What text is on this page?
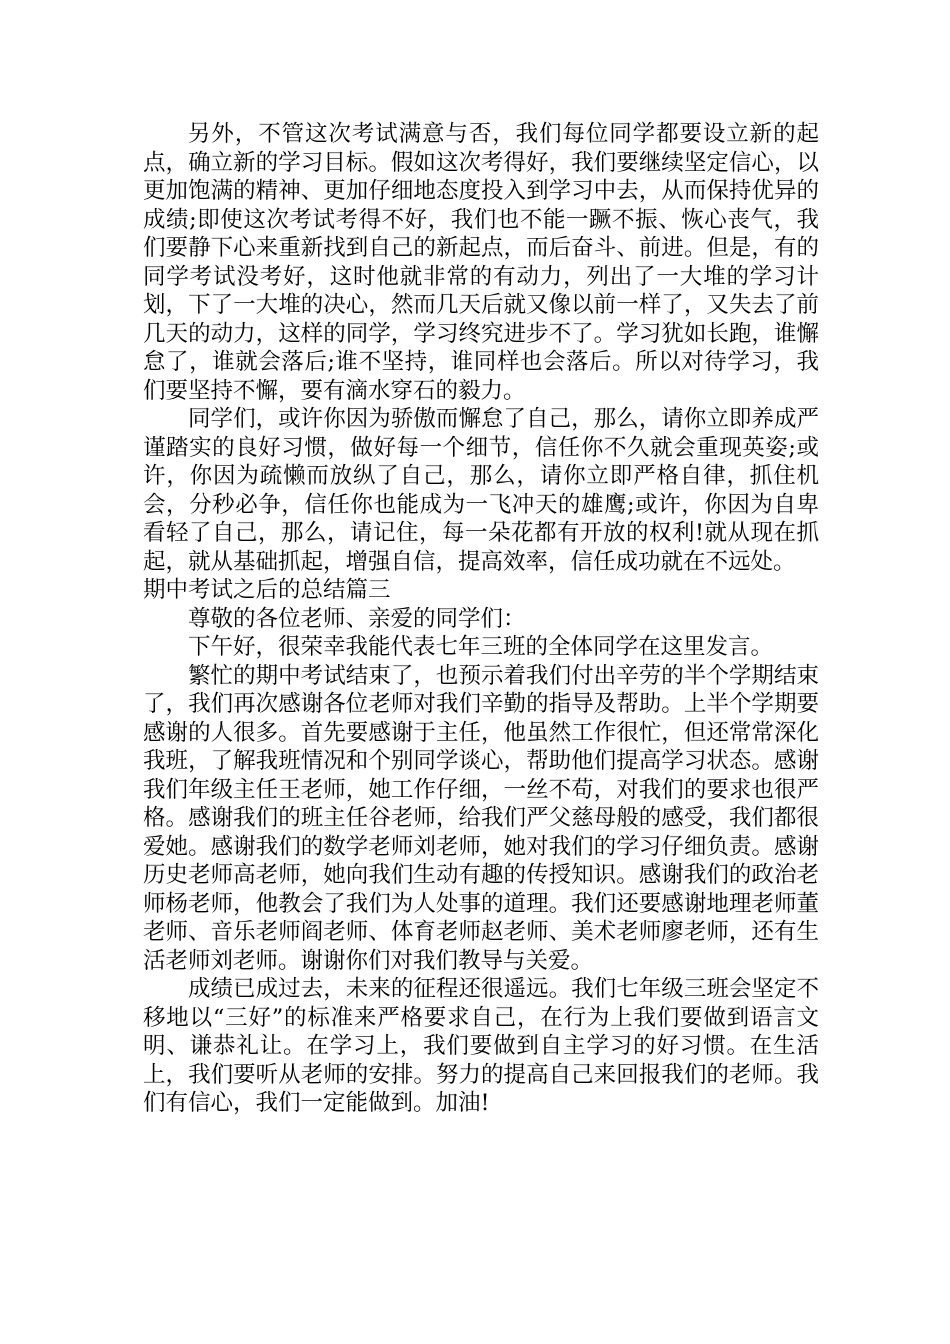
另外，不管这次考试满意与否，我们每位同学都要设立新的起点，确立新的学习目标。假如这次考得好，我们要继续坚定信心，以更加饱满的精神、更加仔细地态度投入到学习中去，从而保持优异的成绩;即使这次考试考得不好，我们也不能一蹶不振、恢心丧气，我们要静下心来重新找到自己的新起点，而后奋斗、前进。但是，有的同学考试没考好，这时他就非常的有动力，列出了一大堆的学习计划，下了一大堆的决心，然而几天后就又像以前一样了，又失去了前几天的动力，这样的同学，学习终究进步不了。学习犹如长跑，谁懈怠了，谁就会落后;谁不坚持，谁同样也会落后。所以对待学习，我们要坚持不懈，要有滴水穿石的毅力。

同学们，或许你因为骄傲而懈怠了自己，那么，请你立即养成严谨踏实的良好习惯，做好每一个细节，信任你不久就会重现英姿;或许，你因为疏懒而放纵了自己，那么，请你立即严格自律，抓住机会，分秒必争，信任你也能成为一飞冲天的雄鹰;或许，你因为自卑看轻了自己，那么，请记住，每一朵花都有开放的权利!就从现在抓起，就从基础抓起，增强自信，提高效率，信任成功就在不远处。

期中考试之后的总结篇三

尊敬的各位老师、亲爱的同学们：

下午好，很荣幸我能代表七年三班的全体同学在这里发言。

繁忙的期中考试结束了，也预示着我们付出辛劳的半个学期结束了，我们再次感谢各位老师对我们辛勤的指导及帮助。上半个学期要感谢的人很多。首先要感谢于主任，他虽然工作很忙，但还常常深化我班，了解我班情况和个别同学谈心，帮助他们提高学习状态。感谢我们年级主任王老师，她工作仔细，一丝不苟，对我们的要求也很严格。感谢我们的班主任谷老师，给我们严父慈母般的感受，我们都很爱她。感谢我们的数学老师刘老师，她对我们的学习仔细负责。感谢历史老师高老师，她向我们生动有趣的传授知识。感谢我们的政治老师杨老师，他教会了我们为人处事的道理。我们还要感谢地理老师董老师、音乐老师阎老师、体育老师赵老师、美术老师廖老师，还有生活老师刘老师。谢谢你们对我们教导与关爱。

成绩已成过去，未来的征程还很遥远。我们七年级三班会坚定不移地以“三好”的标准来严格要求自己，在行为上我们要做到语言文明、谦恭礼让。在学习上，我们要做到自主学习的好习惯。在生活上，我们要听从老师的安排。努力的提高自己来回报我们的老师。我们有信心，我们一定能做到。加油!
